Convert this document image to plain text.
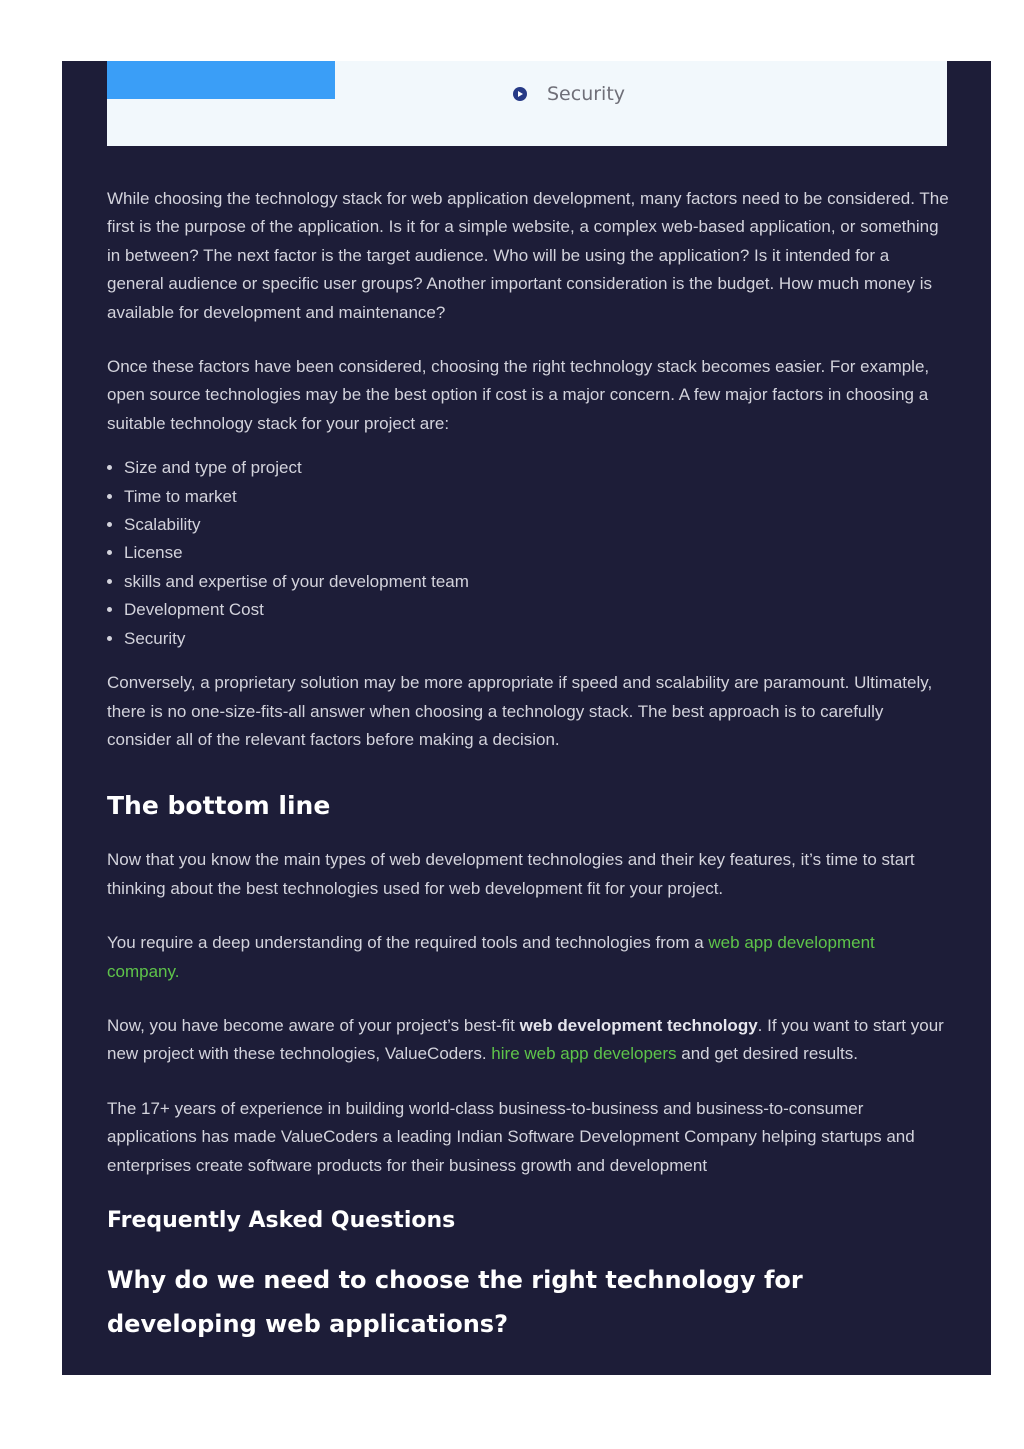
Security

While choosing the technology stack for web application development, many factors need to be considered. The first is the purpose of the application. Is it for a simple website, a complex web-based application, or something in between? The next factor is the target audience. Who will be using the application? Is it intended for a general audience or specific user groups? Another important consideration is the budget. How much money is available for development and maintenance?

Once these factors have been considered, choosing the right technology stack becomes easier. For example, open source technologies may be the best option if cost is a major concern. A few major factors in choosing a suitable technology stack for your project are:

• Size and type of project
• Time to market
• Scalability
• License
• skills and expertise of your development team
• Development Cost
• Security

Conversely, a proprietary solution may be more appropriate if speed and scalability are paramount. Ultimately, there is no one-size-fits-all answer when choosing a technology stack. The best approach is to carefully consider all of the relevant factors before making a decision.

The bottom line

Now that you know the main types of web development technologies and their key features, it’s time to start thinking about the best technologies used for web development fit for your project.

You require a deep understanding of the required tools and technologies from a web app development company.

Now, you have become aware of your project’s best-fit web development technology. If you want to start your new project with these technologies, ValueCoders. hire web app developers and get desired results.

The 17+ years of experience in building world-class business-to-business and business-to-consumer applications has made ValueCoders a leading Indian Software Development Company helping startups and enterprises create software products for their business growth and development

Frequently Asked Questions
Why do we need to choose the right technology for developing web applications?
